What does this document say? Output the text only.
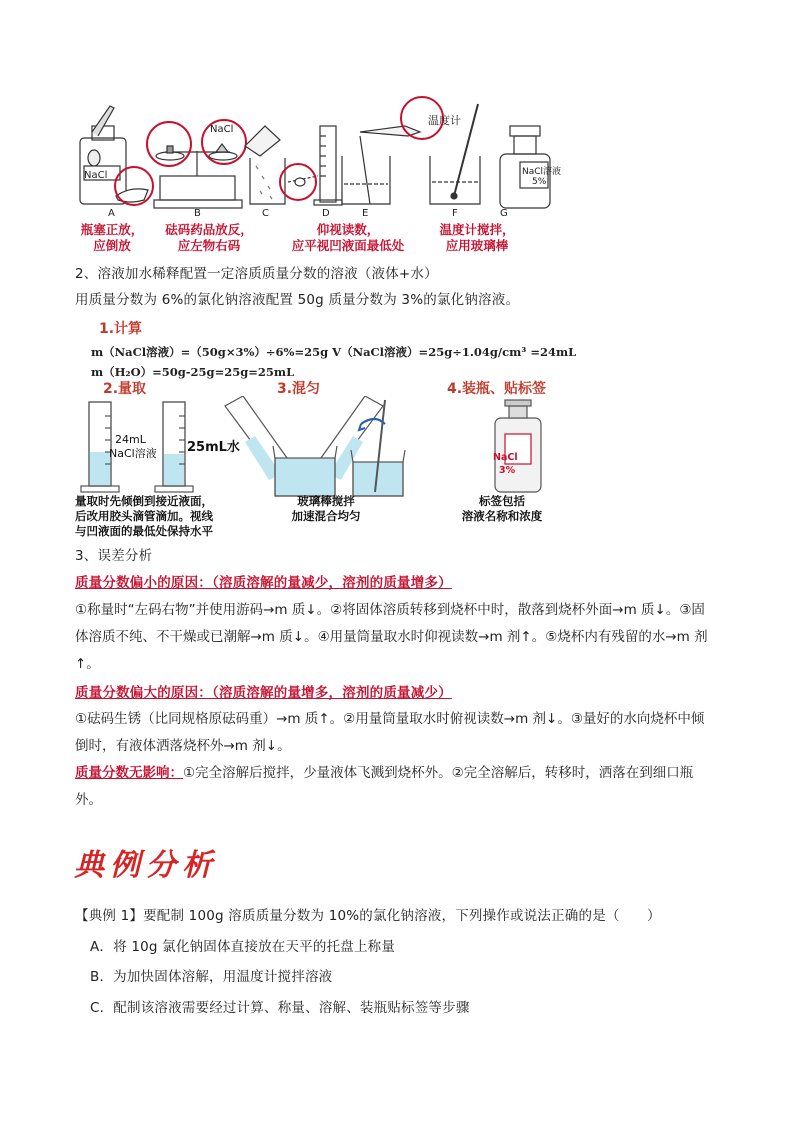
NaCl
NaCl
温度计
NaCl溶液
5%
A	B	C	D	E	F	G
瓶塞正放，
应倒放
砝码药品放反，
应左物右码
仰视读数，
应平视凹液面最低处
温度计搅拌，
应用玻璃棒
2、溶液加水稀释配置一定溶质质量分数的溶液（液体+水）
用质量分数为 6%的氯化钠溶液配置 50g 质量分数为 3%的氯化钠溶液。
1.计算
m（NaCl溶液）=（50g×3%）÷6%=25g V（NaCl溶液）=25g÷1.04g/cm³ =24mL
m（H₂O）=50g-25g=25g=25mL
2.量取	3.混匀	4.装瓶、贴标签
24mL
NaCl溶液 25mL水
NaCl
3%
量取时先倾倒到接近液面，
后改用胶头滴管滴加。视线
与凹液面的最低处保持水平
玻璃棒搅拌
加速混合均匀
标签包括
溶液名称和浓度
3、误差分析
质量分数偏小的原因：（溶质溶解的量减少，溶剂的质量增多）
①称量时“左码右物”并使用游码→m 质↓。②将固体溶质转移到烧杯中时，散落到烧杯外面→m 质↓。③固
体溶质不纯、不干燥或已潮解→m 质↓。④用量筒量取水时仰视读数→m 剂↑。⑤烧杯内有残留的水→m 剂
↑。
质量分数偏大的原因：（溶质溶解的量增多，溶剂的质量减少）
①砝码生锈（比同规格原砝码重）→m 质↑。②用量筒量取水时俯视读数→m 剂↓。③量好的水向烧杯中倾
倒时，有液体洒落烧杯外→m 剂↓。
质量分数无影响：①完全溶解后搅拌，少量液体飞溅到烧杯外。②完全溶解后，转移时，洒落在到细口瓶
外。
典例分析
【典例 1】要配制 100g 溶质质量分数为 10%的氯化钠溶液，下列操作或说法正确的是（　　）
A．将 10g 氯化钠固体直接放在天平的托盘上称量
B．为加快固体溶解，用温度计搅拌溶液
C．配制该溶液需要经过计算、称量、溶解、装瓶贴标签等步骤
